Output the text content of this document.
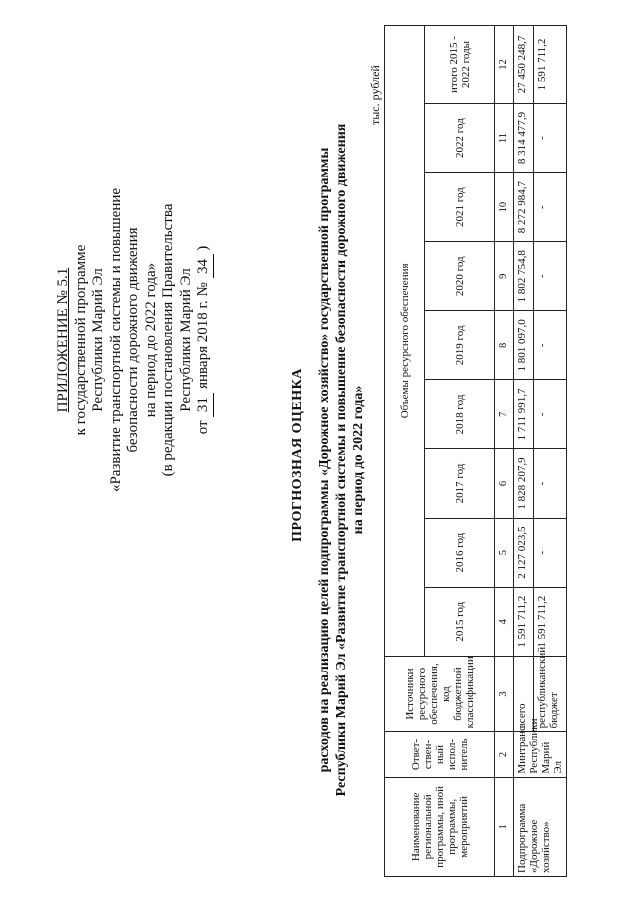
ПРИЛОЖЕНИЕ № 5.1 к государственной программе Республики Марий Эл «Развитие транспортной системы и повышение безопасности дорожного движения на период до 2022 года» (в редакции постановления Правительства Республики Марий Эл
от 31 января 2018 г. № 34 )
ПРОГНОЗНАЯ ОЦЕНКА расходов на реализацию целей подпрограммы «Дорожное хозяйство» государственной программы Республики Марий Эл «Развитие транспортной системы и повышение безопасности дорожного движения на период до 2022 года»
тыс. рублей
Наименование региональной программы, иной программы, мероприятий	Ответ-ствен-ный испол-нитель	Источники ресурсного обеспечения, код бюджетной классификации	Объемы ресурсного обеспечения								
			2015 год	2016 год	2017 год	2018 год	2019 год	2020 год	2021 год	2022 год	итого 2015 - 2022 годы
1	2	3	4	5	6	7	8	9	10	11	12
Подпрограмма «Дорожное хозяйство»	Минтранс Республики Марий Эл	всего	1 591 711,2	2 127 023,5	1 828 207,9	1 711 991,7	1 801 097,0	1 802 754,8	8 272 984,7	8 314 477,9	27 450 248,7
		республиканский бюджет	1 591 711,2	-	-	-	-	-	-	-	1 591 711,2
